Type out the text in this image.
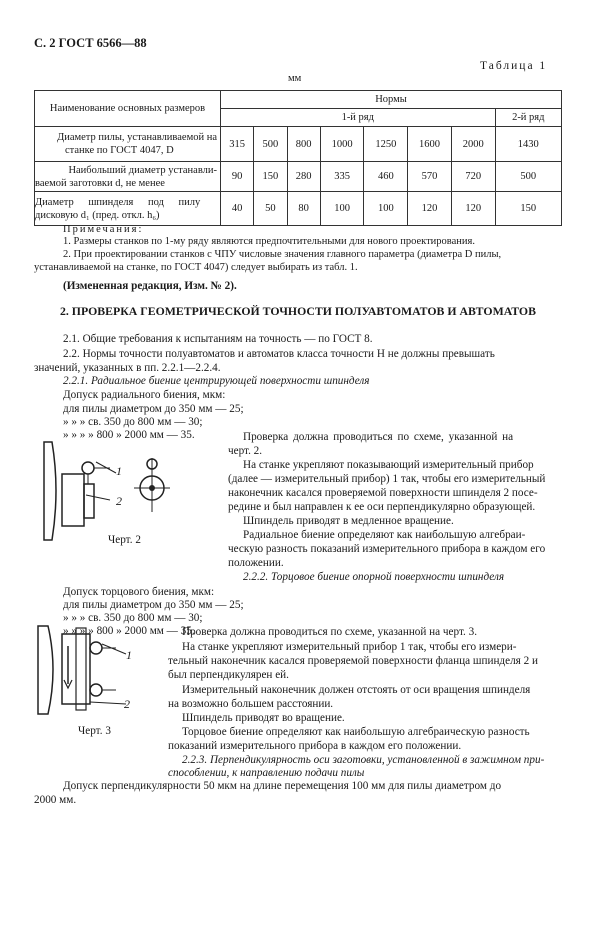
С. 2 ГОСТ 6566—88
Таблица 1
мм
Наименование основных размеров	Нормы							
	1-й ряд							2-й ряд

Диаметр пилы, устанавливаемой на
станке по ГОСТ 4047, D	315	500	800	1000	1250	1600	2000	1430

Наибольший диаметр устанавли-
ваемой заготовки d, не менее	90	150	280	335	460	570	720	500

Диаметр шпинделя под пилу
дисковую d₁ (пред. откл. h₆)	40	50	80	100	100	120	120	150
Примечания:
1. Размеры станков по 1-му ряду являются предпочтительными для нового проектирования.
2. При проектировании станков с ЧПУ числовые значения главного параметра (диаметра D пилы,
устанавливаемой на станке, по ГОСТ 4047) следует выбирать из табл. 1.
(Измененная редакция, Изм. № 2).
2. ПРОВЕРКА ГЕОМЕТРИЧЕСКОЙ ТОЧНОСТИ ПОЛУАВТОМАТОВ И АВТОМАТОВ
2.1. Общие требования к испытаниям на точность — по ГОСТ 8.
2.2. Нормы точности полуавтоматов и автоматов класса точности Н не должны превышать
значений, указанных в пп. 2.2.1—2.2.4.
2.2.1. Радиальное биение центрирующей поверхности шпинделя
Допуск радиального биения, мкм:
для пилы диаметром до 350 мм — 25;
» » » св. 350 до 800 мм — 30;
» » » » 800 » 2000 мм — 35.
1
2
Черт. 2
Проверка должна проводиться по схеме, указанной на
черт. 2.
На станке укрепляют показывающий измерительный прибор
(далее — измерительный прибор) 1 так, чтобы его измерительный
наконечник касался проверяемой поверхности шпинделя 2 посе-
редине и был направлен к ее оси перпендикулярно образующей.
Шпиндель приводят в медленное вращение.
Радиальное биение определяют как наибольшую алгебраи-
ческую разность показаний измерительного прибора в каждом его
положении.
2.2.2. Торцовое биение опорной поверхности шпинделя
Допуск торцового биения, мкм:
для пилы диаметром до 350 мм — 25;
» » » св. 350 до 800 мм — 30;
» » » » 800 » 2000 мм — 35.
1
2
Черт. 3
Проверка должна проводиться по схеме, указанной на черт. 3.
На станке укрепляют измерительный прибор 1 так, чтобы его измери-
тельный наконечник касался проверяемой поверхности фланца шпинделя 2 и
был перпендикулярен ей.
Измерительный наконечник должен отстоять от оси вращения шпинделя
на возможно большем расстоянии.
Шпиндель приводят во вращение.
Торцовое биение определяют как наибольшую алгебраическую разность
показаний измерительного прибора в каждом его положении.
2.2.3. Перпендикулярность оси заготовки, установленной в зажимном при-
способлении, к направлению подачи пилы
Допуск перпендикулярности 50 мкм на длине перемещения 100 мм для пилы диаметром до
2000 мм.
